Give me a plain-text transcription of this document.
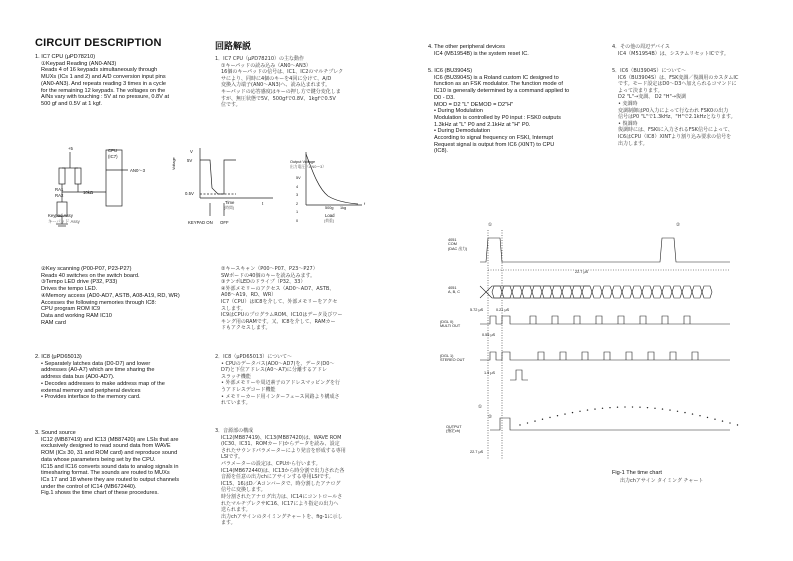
CIRCUIT DESCRIPTION
1. IC7 CPU (μPD78210)
①Keypad Reading (AN0-AN3)
Reads 4 of 16 keypads simultaneously through
MUXs (ICs 1 and 2) and A/D conversion input pins
(AN0-AN3). And repeats reading 3 times in a cycle
for the remaining 12 keypads. The voltages on the
A/Ns vary with touching : 5V at no pressure, 0.8V at
500 gf and 0.5V at 1 kgf.
②Key scanning (P00-P07, P23-P27)
Reads 40 switches on the switch board.
③Tempo LED drive (P32, P33)
Drives the tempo LED.
④Memory access (AD0-AD7, ASTB, A08-A19, RD, WR)
Accesses the following memories through IC8:
CPU program ROM IC9
Data and working RAM IC10
RAM card
2. IC8 (μPD65013)
• Separately latches data (D0-D7) and lower
addresses (A0-A7) which are time sharing the
address data bus (AD0-AD7).
• Decodes addresses to make address map of the
external memory and peripheral devices
• Provides interface to the memory card.
3. Sound source
IC12 (MB87419) and IC13 (MB87420) are LSIs that are
exclusively designed to read sound data from WAVE
ROM (ICs 30, 31 and ROM card) and reproduce sound
data whose parameters being set by the CPU.
IC15 and IC16 converts sound data to analog signals in
timesharing format. The sounds are routed to MUXs
ICs 17 and 18 where they are routed to output channels
under the control of IC14 (MB672440).
Fig.1 shows the time chart of these procedures.
回路解説
1．IC7 CPU（μPD78210）の主な動作
①キーパッドの読み込み（AN0～AN3）
16個のキーパッドの信号は、IC1、IC2のマルチプレク
サにより、同時に4個のキーを4回に分けて、A/D
変換入力端子(AN0～AN3)へ、読み込まれます。
キーパッドの応答感度はキーの押し方で鍵分変化しま
すが、無圧状態で5V、500gfで0.8V、1kgfで0.5V
位です。
②キースキャン（P00～P07、P23～P27）
SWボードの40個のキーを読み込みます。
③テンポLEDのドライブ（P32、33）
④外部メモリーのアクセス（AD0～AD7、ASTB、
A08～A19、RD、WR）
IC7（CPU）はIC8を介して、外部メモリーをアクセ
スします。
IC9はCPUのプログラムROM、IC10はデータ及びワー
キング用のRAMです。又、IC8を介して、RAMカー
ドもアクセスします。
2．IC8（μPD65013）について～
• CPUのデータバス(AD0～AD7)を、データ(D0～
D7)と下位アドレス(A0～A7)に分離するアドレ
スラッチ機能
• 外部メモリーや周辺素子のアドレスマッピングを行
うアドレスデコード機能
• メモリーカード用インターフェース回路より構成さ
れています。
3．音源部の構成
IC12(MB87419)、IC13(MB87420)は、WAVE ROM
(IC30、IC31、ROMカード)からデータを読み、設定
されたサウンドパラメーターにより発音を形成する専用
LSIです。
パラメーターの設定は、CPUから行います。
IC14(MB672440)は、IC13から時分割で出力された各
音源を任意の出力chにアサインする専用LSIです。
IC15、16はD／Aコンバータで、時分割したアナログ
信号に変換します。
時分割されたアナログ出力は、IC14にコントロールさ
れたマルチプレクサIC16、IC17により指定の出力へ
送られます。
出力chアサインのタイミングチャートを、fig-1に示し
ます。
4. The other peripheral devices
IC4 (M51954B) is the system reset IC.
5. IC6 (BU3904S)
IC6 (BU3904S) is a Roland custom IC designed to
function as an FSK modulator. The function mode of
IC10 is generally determined by a command applied to
D0 - D3.
MOD = D2 "L" DEMOD = D2"H"
• During Modulation
Modulation is controlled by P0 input : FSK0 outputs
1.3kHz at "L" P0 and 2.1kHz at "H" P0.
• During Demodulation
According to signal frequency on FSKI, Interrupt
Request signal is output from IC6 (XINT) to CPU
(IC8).
4．その他の周辺デバイス
IC4（M51954B）は、システムリセットICです。
5．IC6（BU3904S）について～
IC6（BU3904S）は、FSK変調／復調用のカスタムIC
です。モード設定はD0～D3へ加えられるコマンドに
よって決まります。
D2 "L"→変調、 D2 "H"→復調
• 変調時
変調制御はP0入力によって行なわれ FSK0の出力
信号はP0 "L"で1.3kHz、"H"で2.1kHzとなります。
• 復調時
復調時には、FSKIに入力されるFSK信号によって、
IC6はCPU（IC8）XINTより割り込み要求の信号を
出力します。
+5	CPU
(IC7)
AN0～3
RA1
RA2
10kΩ
Keypad Assy
キーパッド Assy
V
5V
0.5V
Voltage
t
Time
(時間)
KEYPAD ON OFF
Output Voltage
出力電圧（AN0～3）
5V
4
3
2
1
0
500g 1kg
f
Load
(荷重)
①	②
4051
COM
(DAC 出力)
4051
A, B, C
(DGL 0)
MULTI OUT
(DGL 1)
STEREO OUT
OUTPUT
(指定ch)
22.7 μS
5.72 μS	0.21 μS
0.55 μS
1.9 μS
22.7 μS
①
②
Fig-1 The time chart
出力chアサイン タイミング チャート
